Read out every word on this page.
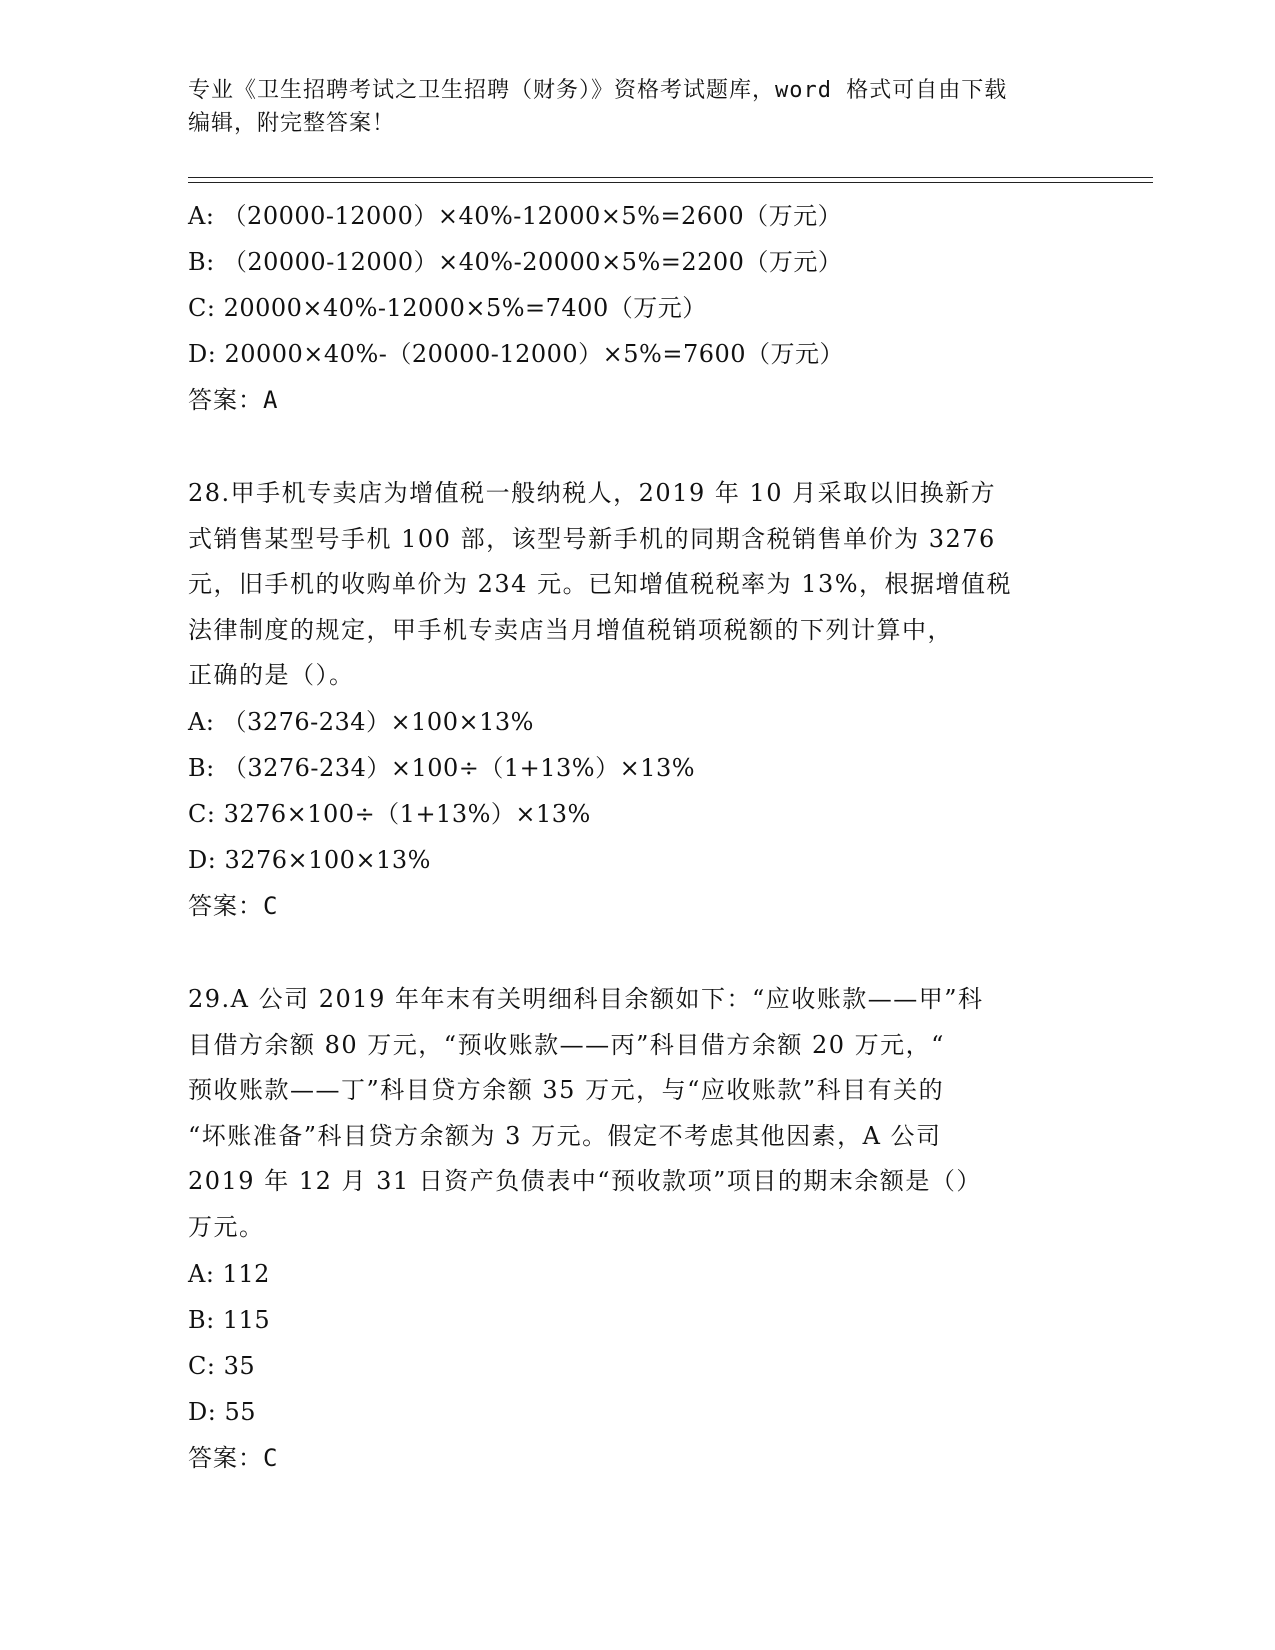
专业《卫生招聘考试之卫生招聘（财务）》资格考试题库，word 格式可自由下载
编辑，附完整答案！
A: （20000-12000）×40%-12000×5%=2600（万元）
B: （20000-12000）×40%-20000×5%=2200（万元）
C: 20000×40%-12000×5%=7400（万元）
D: 20000×40%-（20000-12000）×5%=7600（万元）
答案：A
28.甲手机专卖店为增值税一般纳税人，2019 年 10 月采取以旧换新方
式销售某型号手机 100 部，该型号新手机的同期含税销售单价为 3276
元，旧手机的收购单价为 234 元。已知增值税税率为 13%，根据增值税
法律制度的规定，甲手机专卖店当月增值税销项税额的下列计算中，
正确的是（）。
A: （3276-234）×100×13%
B: （3276-234）×100÷（1+13%）×13%
C: 3276×100÷（1+13%）×13%
D: 3276×100×13%
答案：C
29.A 公司 2019 年年末有关明细科目余额如下：“应收账款——甲”科
目借方余额 80 万元，“预收账款——丙”科目借方余额 20 万元，“
预收账款——丁”科目贷方余额 35 万元，与“应收账款”科目有关的
“坏账准备”科目贷方余额为 3 万元。假定不考虑其他因素，A 公司
2019 年 12 月 31 日资产负债表中“预收款项”项目的期末余额是（）
万元。
A: 112
B: 115
C: 35
D: 55
答案：C
